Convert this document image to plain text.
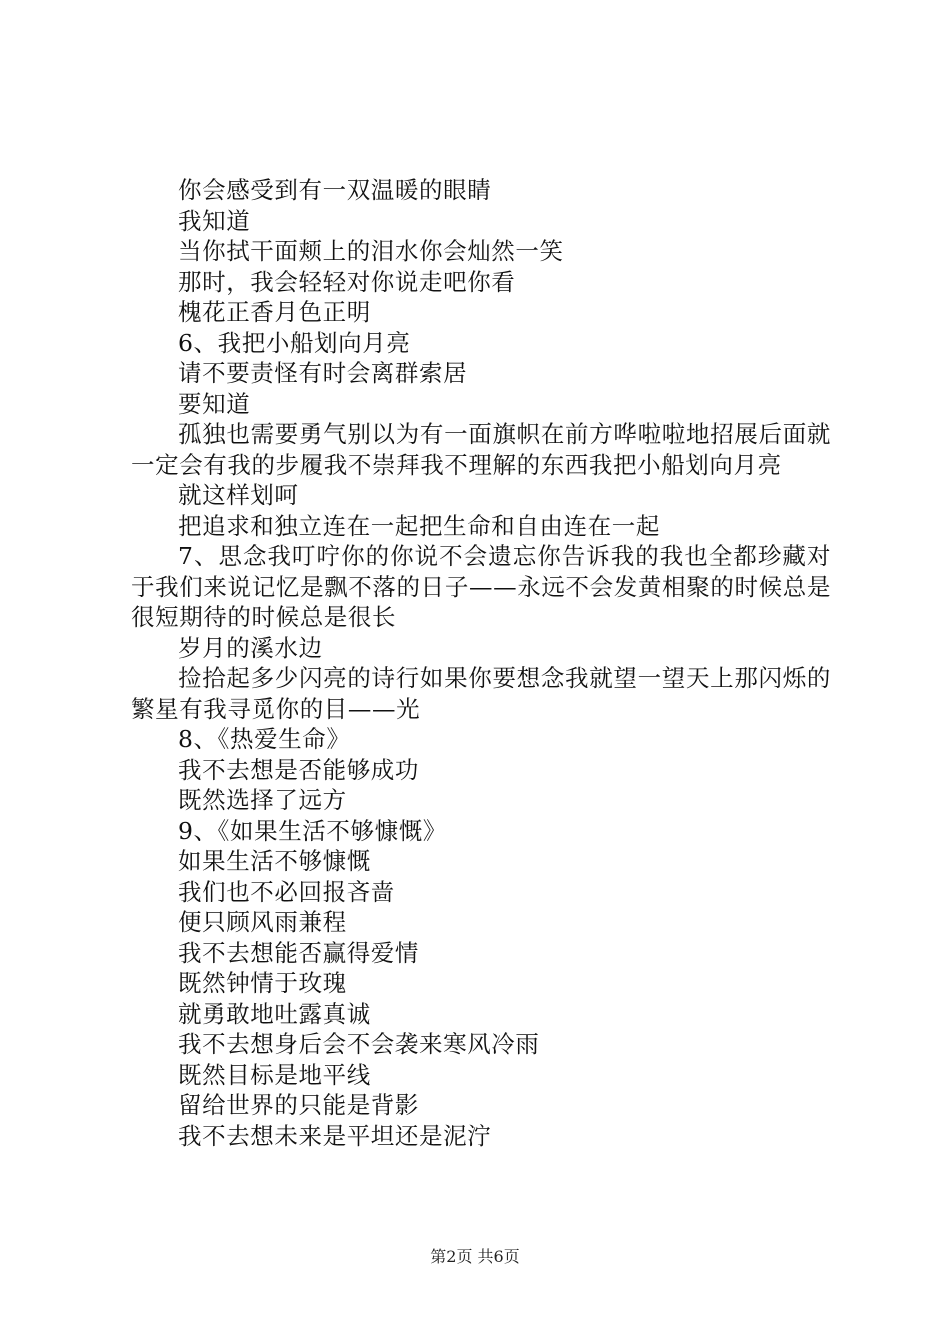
你会感受到有一双温暖的眼睛
我知道
当你拭干面颊上的泪水你会灿然一笑
那时，我会轻轻对你说走吧你看
槐花正香月色正明
6、我把小船划向月亮
请不要责怪有时会离群索居
要知道
孤独也需要勇气别以为有一面旗帜在前方哗啦啦地招展后面就一定会有我的步履我不崇拜我不理解的东西我把小船划向月亮
就这样划呵
把追求和独立连在一起把生命和自由连在一起
7、思念我叮咛你的你说不会遗忘你告诉我的我也全都珍藏对于我们来说记忆是飘不落的日子——永远不会发黄相聚的时候总是很短期待的时候总是很长
岁月的溪水边
捡拾起多少闪亮的诗行如果你要想念我就望一望天上那闪烁的繁星有我寻觅你的目——光
8、《热爱生命》
我不去想是否能够成功
既然选择了远方
9、《如果生活不够慷慨》
如果生活不够慷慨
我们也不必回报吝啬
便只顾风雨兼程
我不去想能否赢得爱情
既然钟情于玫瑰
就勇敢地吐露真诚
我不去想身后会不会袭来寒风冷雨
既然目标是地平线
留给世界的只能是背影
我不去想未来是平坦还是泥泞
第2页 共6页
